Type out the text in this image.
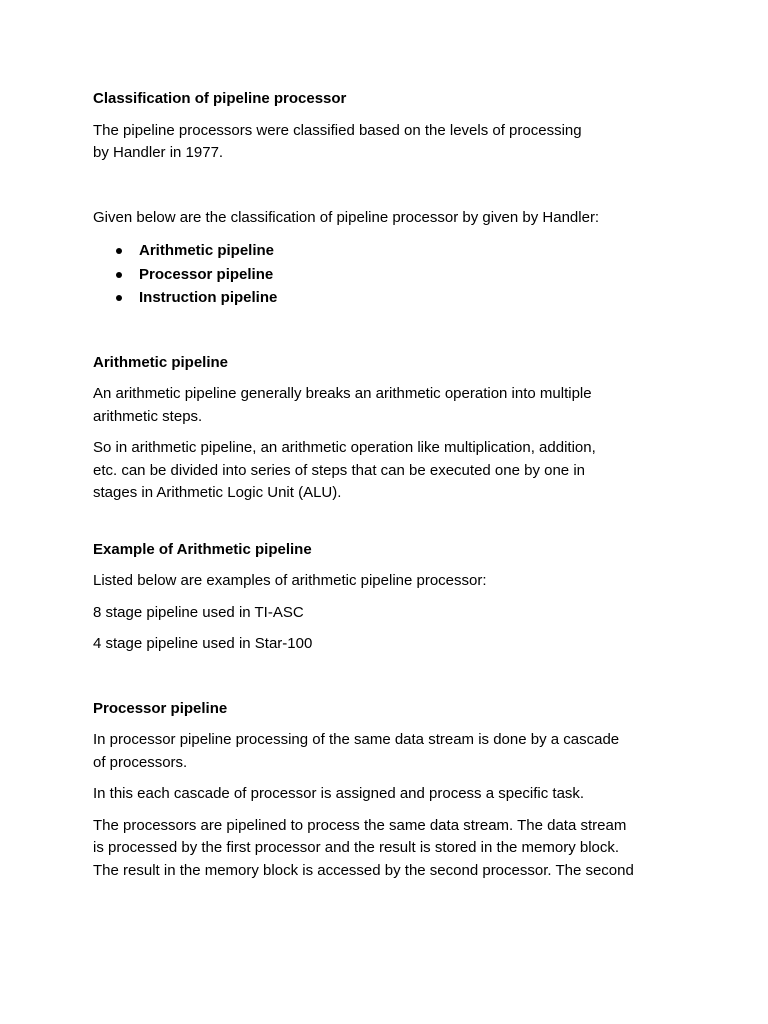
Classification of pipeline processor

The pipeline processors were classified based on the levels of processing
by Handler in 1977.

Given below are the classification of pipeline processor by given by Handler:

Arithmetic pipeline
Processor pipeline
Instruction pipeline

Arithmetic pipeline

An arithmetic pipeline generally breaks an arithmetic operation into multiple
arithmetic steps.

So in arithmetic pipeline, an arithmetic operation like multiplication, addition,
etc. can be divided into series of steps that can be executed one by one in
stages in Arithmetic Logic Unit (ALU).

Example of Arithmetic pipeline

Listed below are examples of arithmetic pipeline processor:

8 stage pipeline used in TI-ASC

4 stage pipeline used in Star-100

Processor pipeline

In processor pipeline processing of the same data stream is done by a cascade
of processors.

In this each cascade of processor is assigned and process a specific task.

The processors are pipelined to process the same data stream. The data stream
is processed by the first processor and the result is stored in the memory block.
The result in the memory block is accessed by the second processor. The second
